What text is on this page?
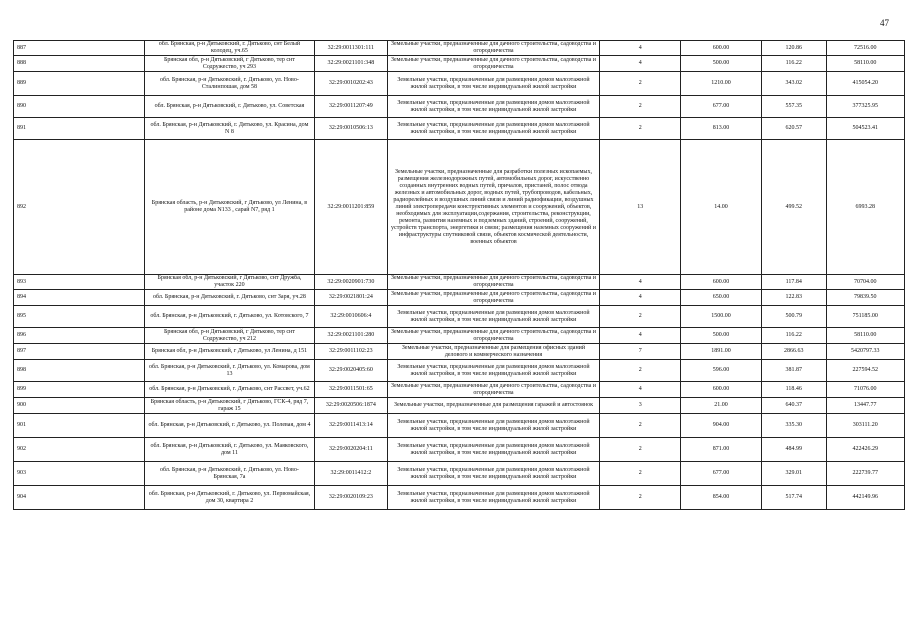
47
887	обл. Брянская, р-н Дятьковский, г. Дятьково, снт Белый колодец, уч.65	32:29:0011301:111	Земельные участки, предназначенные для дачного строительства, садоводства и огородничества	4	600.00	120.86	72516.00
888	Брянская обл, р-н Дятьковский, г Дятьково, тер снт Содружество, уч 293	32:29:0021101:348	Земельные участки, предназначенные для дачного строительства, садоводства и огородничества	4	500.00	116.22	58110.00
889	обл. Брянская, р-н Дятьковский, г. Дятьково, ул. Ново-Сталинпошая, дом 58	32:29:0010202:43	Земельные участки, предназначенные для размещения домов малоэтажной жилой застройки, в том числе индивидуальной жилой застройки	2	1210.00	343.02	415054.20
890	обл. Брянская, р-н Дятьковский, г. Дятьково, ул. Советская	32:29:0011207:49	Земельные участки, предназначенные для размещения домов малоэтажной жилой застройки, в том числе индивидуальной жилой застройки	2	677.00	557.35	377325.95
891	обл. Брянская, р-н Дятьковский, г. Дятьково, ул. Красина, дом N 8	32:29:0010506:13	Земельные участки, предназначенные для размещения домов малоэтажной жилой застройки, в том числе индивидуальной жилой застройки	2	813.00	620.57	504523.41
892	Брянская область, р-н Дятьковский, г Дятьково, ул Ленина, в районе дома N133 , сарай N7, ряд 1	32:29:0011201:859	Земельные участки, предназначенные для разработки полезных ископаемых, размещения железнодорожных путей, автомобильных дорог, искусственно созданных внутренних водных путей, причалов, пристаней, полос отвода железных и автомобильных дорог, водных путей, трубопроводов, кабельных, радиорелейных и воздушных линий связи и линий радиофикации, воздушных линий электропередачи конструктивных элементов и сооружений, объектов, необходимых для эксплуатации,содержания, строительства, реконструкции, ремонта, развития наземных и подземных зданий, строений, сооружений, устройств транспорта, энергетики и связи; размещения наземных сооружений и инфраструктуры спутниковой связи, объектов космической деятельности, военных объектов	13	14.00	499.52	6993.28
893	Брянская обл, р-н Дятьковский, г Дятьково, снт Дружба, участок 220	32:29:0020901:730	Земельные участки, предназначенные для дачного строительства, садоводства и огородничества	4	600.00	117.84	70704.00
894	обл. Брянская, р-н Дятьковский, г. Дятьково, снт Заря, уч.28	32:29:0021801:24	Земельные участки, предназначенные для дачного строительства, садоводства и огородничества	4	650.00	122.83	79839.50
895	обл. Брянская, р-н Дятьковский, г. Дятьково, ул. Котовского, 7	32:29:0010606:4	Земельные участки, предназначенные для размещения домов малоэтажной жилой застройки, в том числе индивидуальной жилой застройки	2	1500.00	500.79	751185.00
896	Брянская обл, р-н Дятьковский, г Дятьково, тер снт Содружество, уч 212	32:29:0021101:280	Земельные участки, предназначенные для дачного строительства, садоводства и огородничества	4	500.00	116.22	58110.00
897	Брянская обл, р-н Дятьковский, г Дятьково, ул Ленина, д 151	32:29:0011102:23	Земельные участки, предназначенные для размещения офисных зданий делового и коммерческого назначения	7	1891.00	2866.63	5420797.33
898	обл. Брянская, р-н Дятьковский, г. Дятьково, ул. Комарова, дом 13	32:29:0020405:60	Земельные участки, предназначенные для размещения домов малоэтажной жилой застройки, в том числе индивидуальной жилой застройки	2	596.00	381.87	227594.52
899	обл. Брянская, р-н Дятьковский, г. Дятьково, снт Рассвет, уч.62	32:29:0011501:65	Земельные участки, предназначенные для дачного строительства, садоводства и огородничества	4	600.00	118.46	71076.00
900	Брянская область, р-н Дятьковский, г Дятьково, ГСК-4, ряд 7, гараж 15	32:29:0020506:1874	Земельные участки, предназначенные для размещения гаражей и автостоянок	3	21.00	640.37	13447.77
901	обл. Брянская, р-н Дятьковский, г. Дятьково, ул. Полевая, дом 4	32:29:0011413:14	Земельные участки, предназначенные для размещения домов малоэтажной жилой застройки, в том числе индивидуальной жилой застройки	2	904.00	335.30	303111.20
902	обл. Брянская, р-н Дятьковский, г. Дятьково, ул. Маяковского, дом 11	32:29:0020204:11	Земельные участки, предназначенные для размещения домов малоэтажной жилой застройки, в том числе индивидуальной жилой застройки	2	871.00	484.99	422426.29
903	обл. Брянская, р-н Дятьковский, г. Дятьково, ул. Ново-Брянская, 7а	32:29:0011412:2	Земельные участки, предназначенные для размещения домов малоэтажной жилой застройки, в том числе индивидуальной жилой застройки	2	677.00	329.01	222739.77
904	обл. Брянская, р-н Дятьковский, г. Дятьково, ул. Первомайская, дом 30, квартира 2	32:29:0020109:23	Земельные участки, предназначенные для размещения домов малоэтажной жилой застройки, в том числе индивидуальной жилой застройки	2	854.00	517.74	442149.96
